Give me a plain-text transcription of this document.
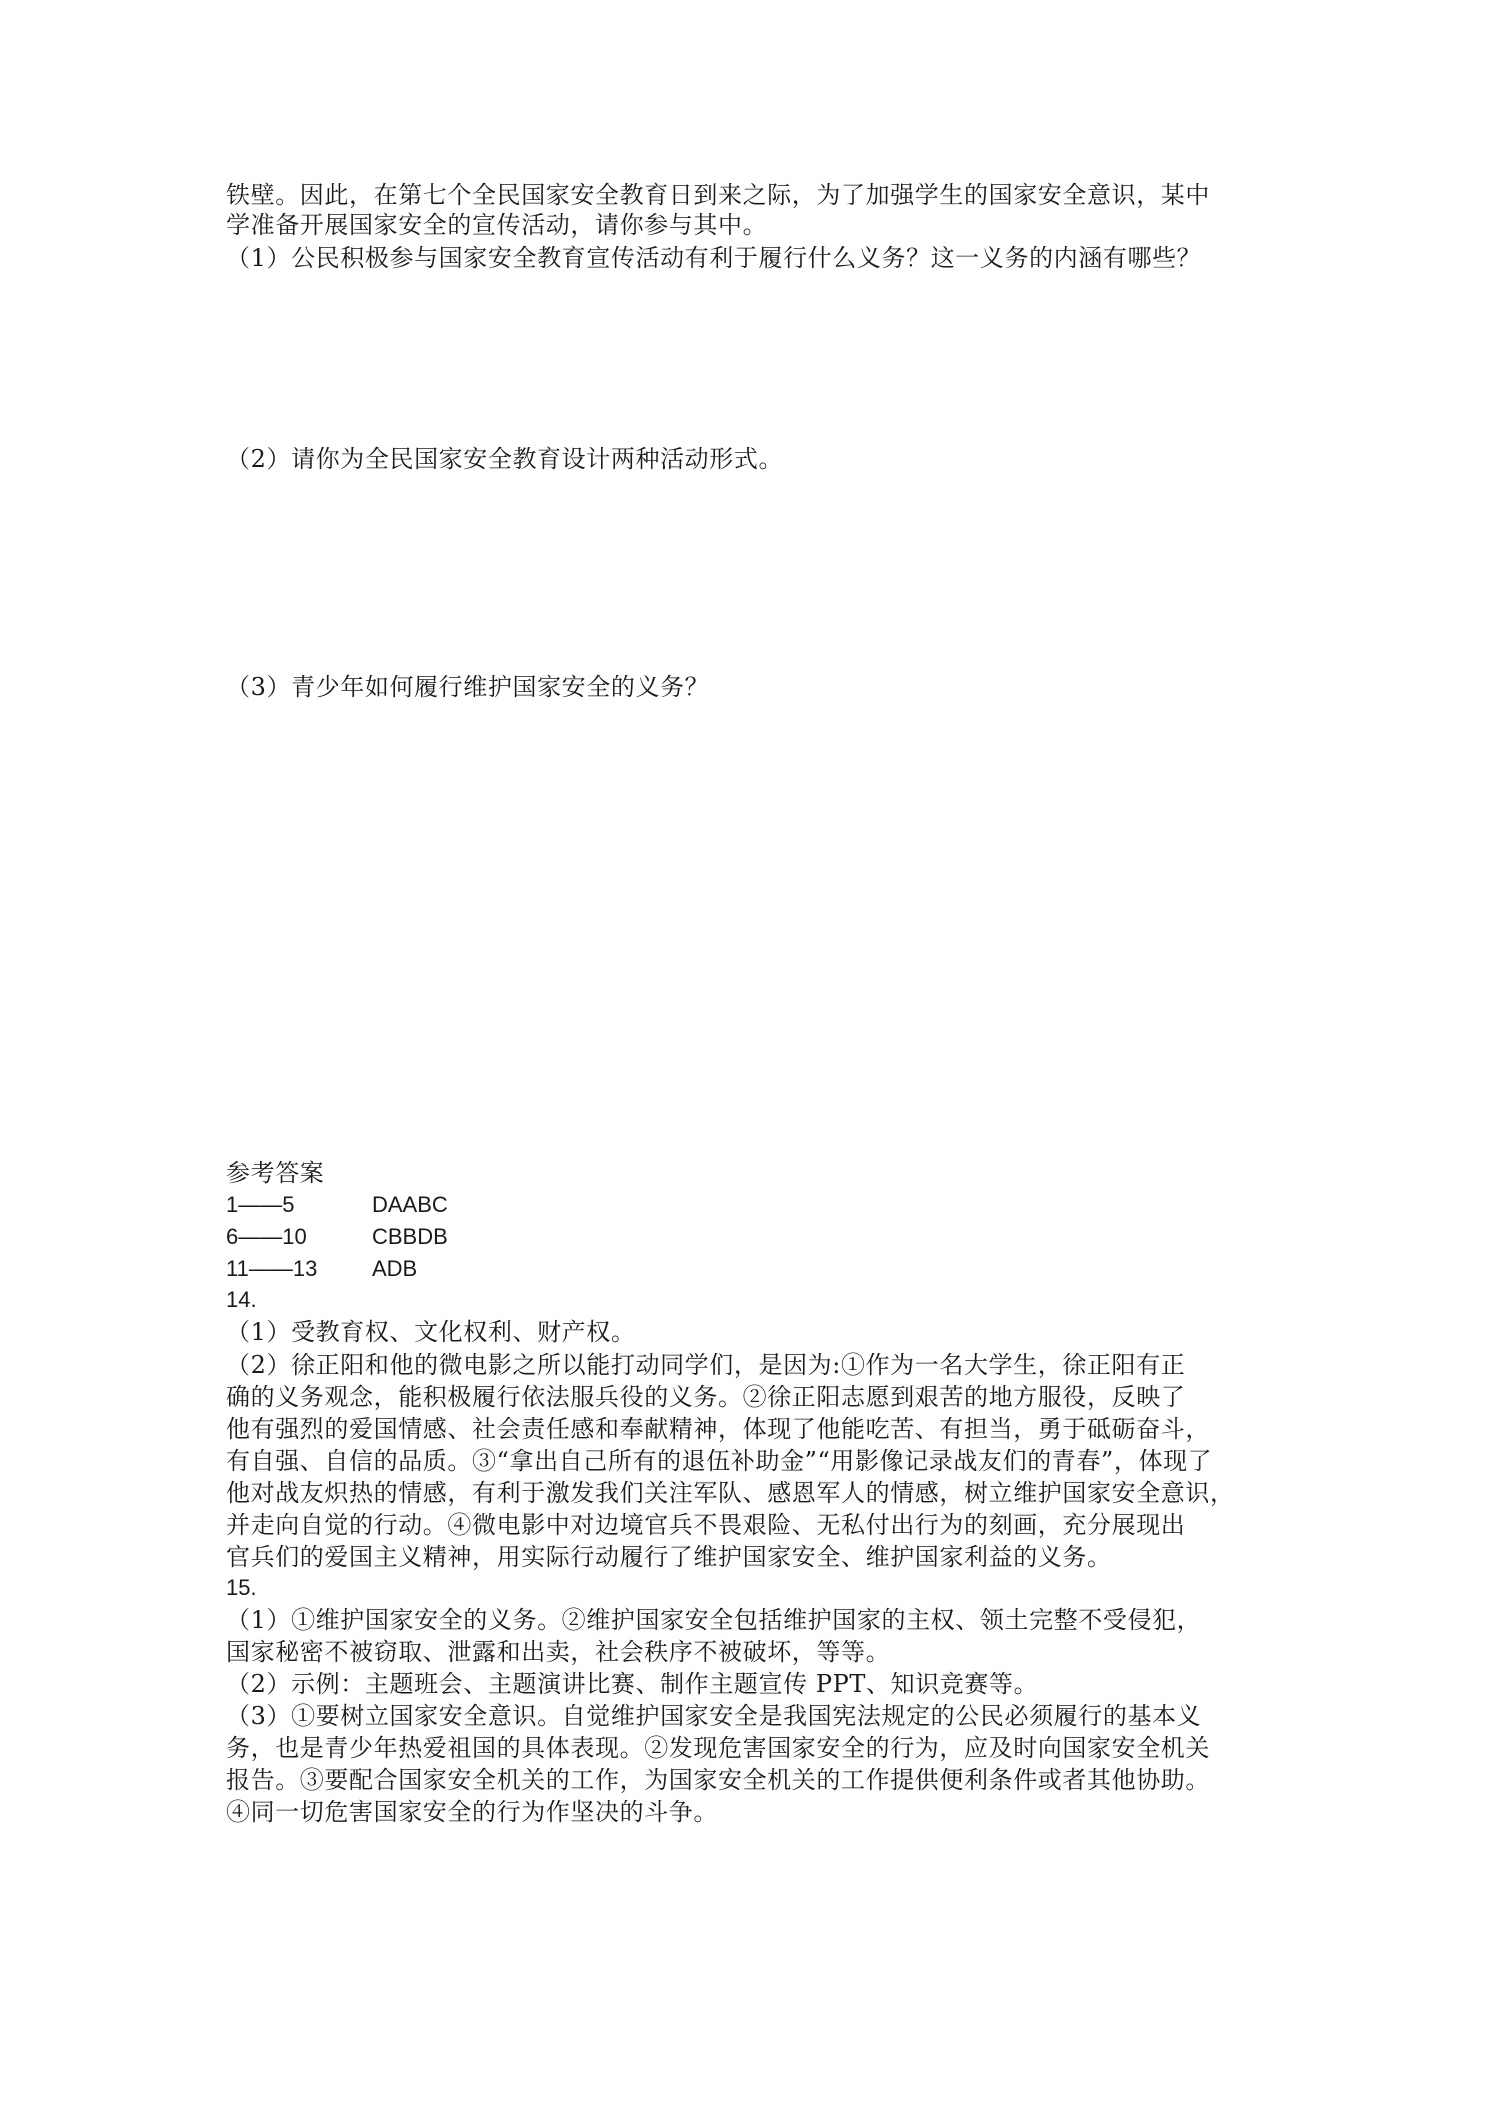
铁壁。因此，在第七个全民国家安全教育日到来之际，为了加强学生的国家安全意识，某中
学准备开展国家安全的宣传活动，请你参与其中。
（1）公民积极参与国家安全教育宣传活动有利于履行什么义务？这一义务的内涵有哪些？
（2）请你为全民国家安全教育设计两种活动形式。
（3）青少年如何履行维护国家安全的义务？
参考答案
1——5	DAABC
6——10	CBBDB
11——13 ADB
14.
（1）受教育权、文化权利、财产权。
（2）徐正阳和他的微电影之所以能打动同学们，是因为:①作为一名大学生，徐正阳有正
确的义务观念，能积极履行依法服兵役的义务。②徐正阳志愿到艰苦的地方服役，反映了
他有强烈的爱国情感、社会责任感和奉献精神，体现了他能吃苦、有担当，勇于砥砺奋斗，
有自强、自信的品质。③“拿出自己所有的退伍补助金”“用影像记录战友们的青春”，体现了
他对战友炽热的情感，有利于激发我们关注军队、感恩军人的情感，树立维护国家安全意识，
并走向自觉的行动。④微电影中对边境官兵不畏艰险、无私付出行为的刻画，充分展现出
官兵们的爱国主义精神，用实际行动履行了维护国家安全、维护国家利益的义务。
15.
（1）①维护国家安全的义务。②维护国家安全包括维护国家的主权、领土完整不受侵犯，
国家秘密不被窃取、泄露和出卖，社会秩序不被破坏，等等。
（2）示例：主题班会、主题演讲比赛、制作主题宣传 PPT、知识竞赛等。
（3）①要树立国家安全意识。自觉维护国家安全是我国宪法规定的公民必须履行的基本义
务，也是青少年热爱祖国的具体表现。②发现危害国家安全的行为，应及时向国家安全机关
报告。③要配合国家安全机关的工作，为国家安全机关的工作提供便利条件或者其他协助。
④同一切危害国家安全的行为作坚决的斗争。
